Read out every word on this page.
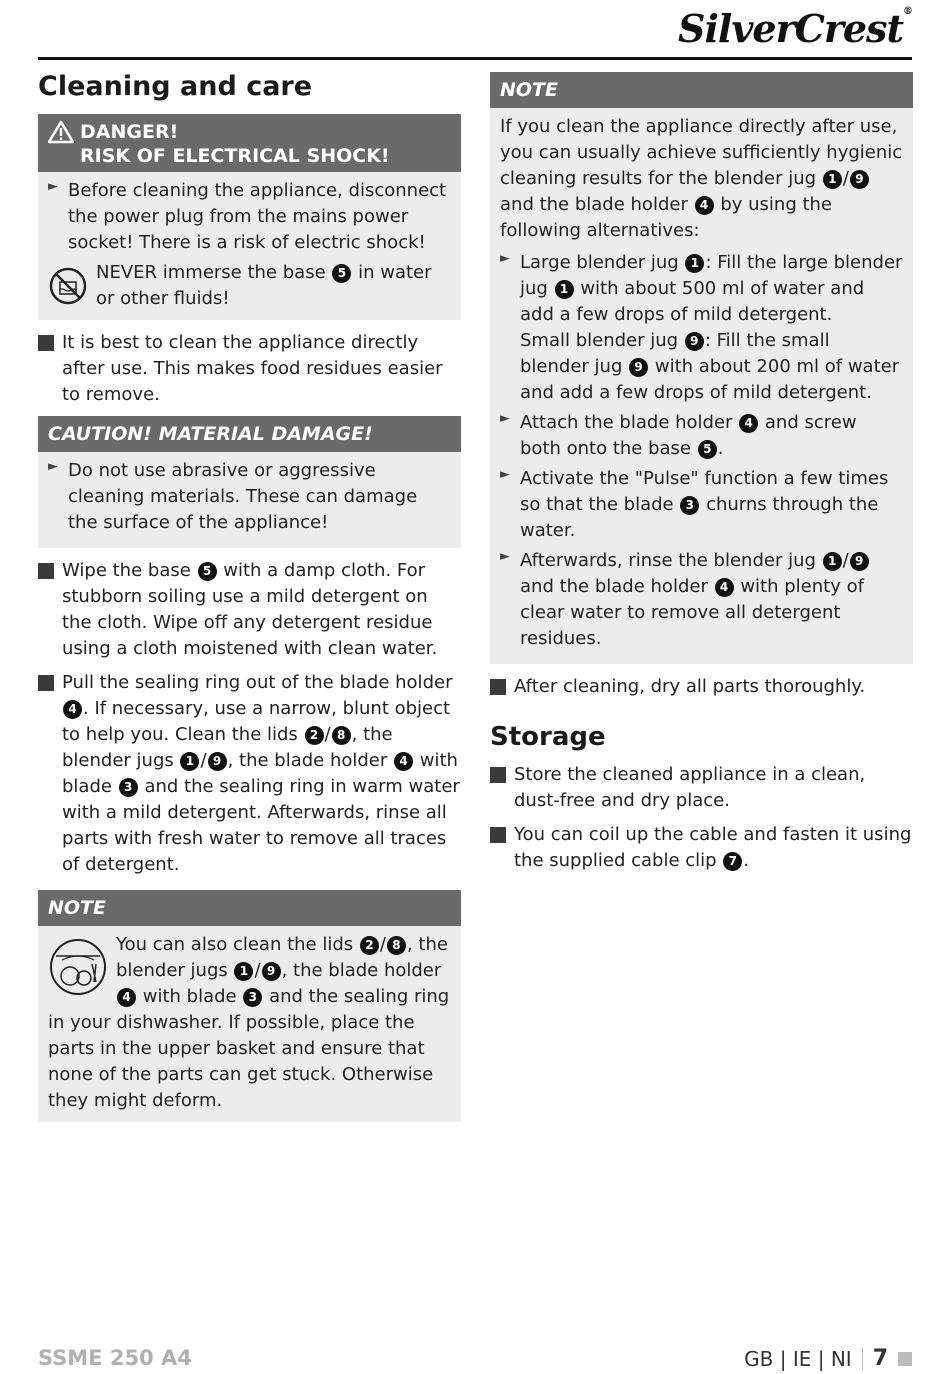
SilverCrest®
Cleaning and care
DANGER!
RISK OF ELECTRICAL SHOCK!
► Before cleaning the appliance, disconnect the power plug from the mains power socket! There is a risk of electric shock!

NEVER immerse the base 5 in water or other fluids!

It is best to clean the appliance directly after use. This makes food residues easier to remove.

CAUTION! MATERIAL DAMAGE!
► Do not use abrasive or aggressive cleaning materials. These can damage the surface of the appliance!

Wipe the base 5 with a damp cloth. For stubborn soiling use a mild detergent on the cloth. Wipe off any detergent residue using a cloth moistened with clean water.

Pull the sealing ring out of the blade holder 4 . If necessary, use a narrow, blunt object to help you. Clean the lids 2 / 8 , the blender jugs 1 / 9 , the blade holder 4 with blade 3 and the sealing ring in warm water with a mild detergent. Afterwards, rinse all parts with fresh water to remove all traces of detergent.

NOTE

You can also clean the lids 2 / 8 , the blender jugs 1 / 9 , the blade holder 4 with blade 3 and the sealing ring in your dishwasher. If possible, place the parts in the upper basket and ensure that none of the parts can get stuck. Otherwise they might deform.

NOTE

If you clean the appliance directly after use, you can usually achieve sufficiently hygienic cleaning results for the blender jug 1 / 9 and the blade holder 4 by using the following alternatives:

► Large blender jug 1 : Fill the large blender jug 1 with about 500 ml of water and add a few drops of mild detergent.

Small blender jug 9 : Fill the small blender jug 9 with about 200 ml of water and add a few drops of mild detergent.

► Attach the blade holder 4 and screw both onto the base 5 .

► Activate the "Pulse" function a few times so that the blade 3 churns through the water.

► Afterwards, rinse the blender jug 1 / 9 and the blade holder 4 with plenty of clear water to remove all detergent residues.

After cleaning, dry all parts thoroughly.

Storage

Store the cleaned appliance in a clean, dust-free and dry place.

You can coil up the cable and fasten it using the supplied cable clip 7 .

SSME 250 A4	GB | IE | NI 7
